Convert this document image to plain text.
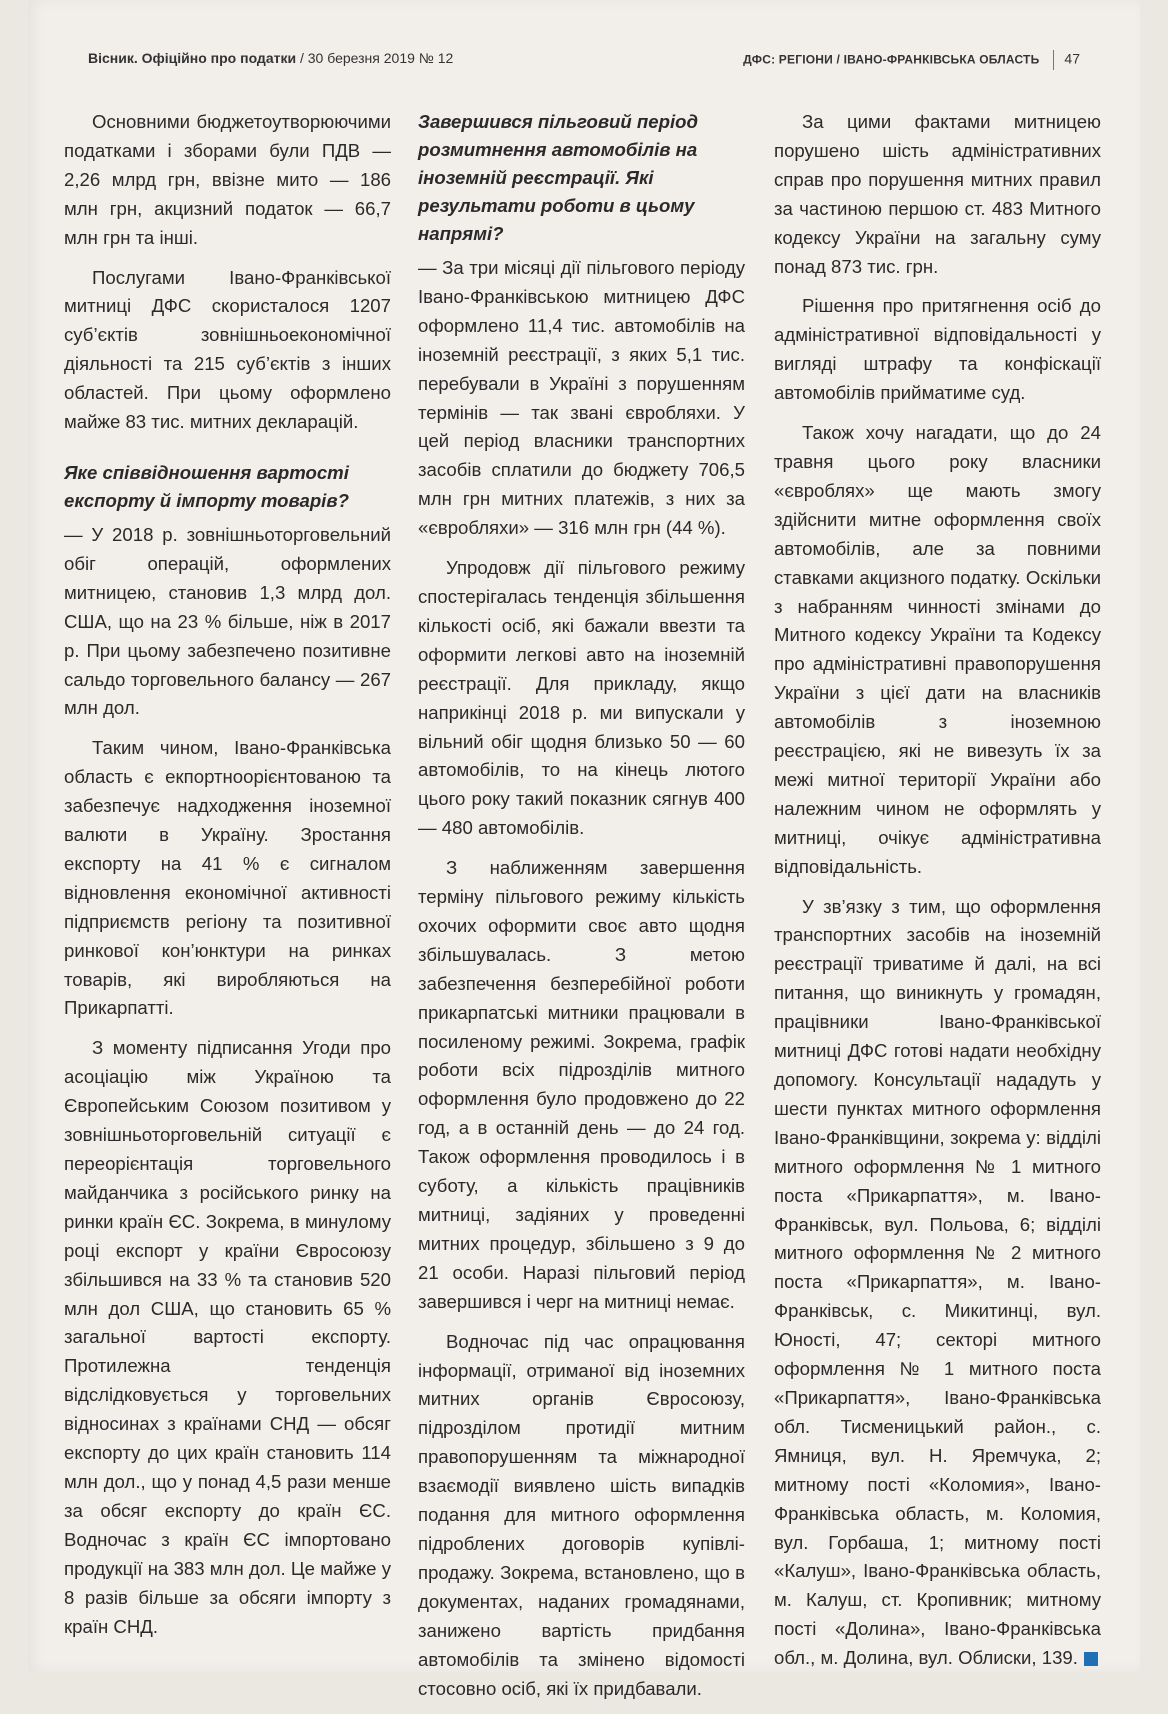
Вісник. Офіційно про податки / 30 березня 2019 № 12	ДФС: РЕГІОНИ / ІВАНО-ФРАНКІВСЬКА ОБЛАСТЬ 47

Основними бюджетоутворюючими податками і зборами були ПДВ — 2,26 млрд грн, ввізне мито — 186 млн грн, акцизний податок — 66,7 млн грн та інші.

Послугами Івано-Франківської митниці ДФС скористалося 1207 суб’єктів зовнішньоекономічної діяльності та 215 суб’єктів з інших областей. При цьому оформлено майже 83 тис. митних декларацій.

Яке співвідношення вартості експорту й імпорту товарів?

— У 2018 р. зовнішньоторговельний обіг операцій, оформлених митницею, становив 1,3 млрд дол. США, що на 23 % більше, ніж в 2017 р. При цьому забезпечено позитивне сальдо торговельного балансу — 267 млн дол.

Таким чином, Івано-Франківська область є екпортноорієнтованою та забезпечує надходження іноземної валюти в Україну. Зростання експорту на 41 % є сигналом відновлення економічної активності підприємств регіону та позитивної ринкової кон’юнктури на ринках товарів, які виробляються на Прикарпатті.

З моменту підписання Угоди про асоціацію між Україною та Європейським Союзом позитивом у зовнішньоторговельній ситуації є переорієнтація торговельного майданчика з російського ринку на ринки країн ЄС. Зокрема, в минулому році експорт у країни Євросоюзу збільшився на 33 % та становив 520 млн дол США, що становить 65 % загальної вартості експорту. Протилежна тенденція відслідковується у торговельних відносинах з країнами СНД — обсяг експорту до цих країн становить 114 млн дол., що у понад 4,5 рази менше за обсяг експорту до країн ЄС. Водночас з країн ЄС імпортовано продукції на 383 млн дол. Це майже у 8 разів більше за обсяги імпорту з країн СНД.

Завершився пільговий період розмитнення автомобілів на іноземній реєстрації. Які результати роботи в цьому напрямі?

— За три місяці дії пільгового періоду Івано-Франківською митницею ДФС оформлено 11,4 тис. автомобілів на іноземній реєстрації, з яких 5,1 тис. перебували в Україні з порушенням термінів — так звані євробляхи. У цей період власники транспортних засобів сплатили до бюджету 706,5 млн грн митних платежів, з них за «євробляхи» — 316 млн грн (44 %).

Упродовж дії пільгового режиму спостерігалась тенденція збільшення кількості осіб, які бажали ввезти та оформити легкові авто на іноземній реєстрації. Для прикладу, якщо наприкінці 2018 р. ми випускали у вільний обіг щодня близько 50 — 60 автомобілів, то на кінець лютого цього року такий показник сягнув 400 — 480 автомобілів.

З наближенням завершення терміну пільгового режиму кількість охочих оформити своє авто щодня збільшувалась. З метою забезпечення безперебійної роботи прикарпатські митники працювали в посиленому режимі. Зокрема, графік роботи всіх підрозділів митного оформлення було продовжено до 22 год, а в останній день — до 24 год. Також оформлення проводилось і в суботу, а кількість працівників митниці, задіяних у проведенні митних процедур, збільшено з 9 до 21 особи. Наразі пільговий період завершився і черг на митниці немає.

Водночас під час опрацювання інформації, отриманої від іноземних митних органів Євросоюзу, підрозділом протидії митним правопорушенням та міжнародної взаємодії виявлено шість випадків подання для митного оформлення підроблених договорів купівлі-продажу. Зокрема, встановлено, що в документах, наданих громадянами, занижено вартість придбання автомобілів та змінено відомості стосовно осіб, які їх придбавали.

За цими фактами митницею порушено шість адміністративних справ про порушення митних правил за частиною першою ст. 483 Митного кодексу України на загальну суму понад 873 тис. грн.

Рішення про притягнення осіб до адміністративної відповідальності у вигляді штрафу та конфіскації автомобілів прийматиме суд.

Також хочу нагадати, що до 24 травня цього року власники «євроблях» ще мають змогу здійснити митне оформлення своїх автомобілів, але за повними ставками акцизного податку. Оскільки з набранням чинності змінами до Митного кодексу України та Кодексу про адміністративні правопорушення України з цієї дати на власників автомобілів з іноземною реєстрацією, які не вивезуть їх за межі митної території України або належним чином не оформлять у митниці, очікує адміністративна відповідальність.

У зв’язку з тим, що оформлення транспортних засобів на іноземній реєстрації триватиме й далі, на всі питання, що виникнуть у громадян, працівники Івано-Франківської митниці ДФС готові надати необхідну допомогу. Консультації нададуть у шести пунктах митного оформлення Івано-Франківщини, зокрема у: відділі митного оформлення № 1 митного поста «Прикарпаття», м. Івано-Франківськ, вул. Польова, 6; відділі митного оформлення № 2 митного поста «Прикарпаття», м. Івано-Франківськ, с. Микитинці, вул. Юності, 47; секторі митного оформлення № 1 митного поста «Прикарпаття», Івано-Франківська обл. Тисменицький район., с. Ямниця, вул. Н. Яремчука, 2; митному пості «Коломия», Івано-Франківська область, м. Коломия, вул. Горбаша, 1; митному пості «Калуш», Івано-Франківська область, м. Калуш, ст. Кропивник; митному пості «Долина», Івано-Франківська обл., м. Долина, вул. Облиски, 139.
